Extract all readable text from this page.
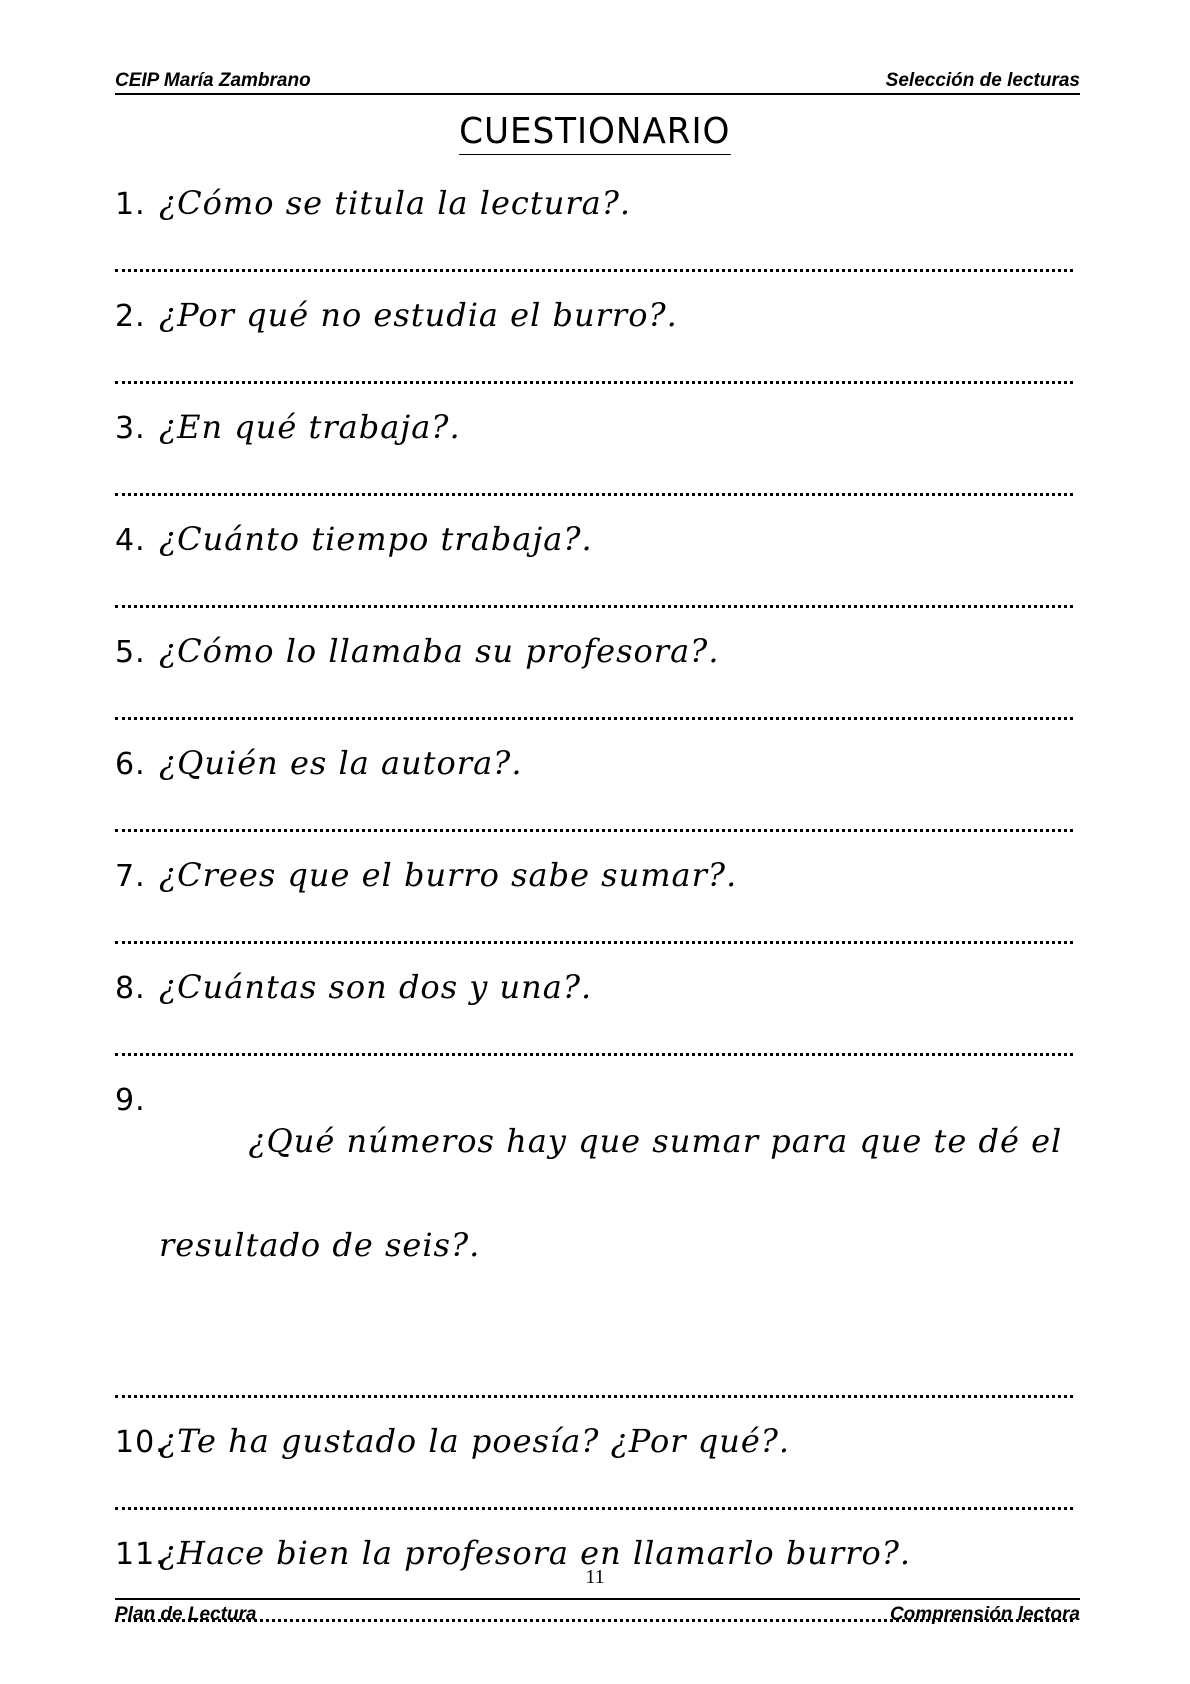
CEIP María Zambrano	Selección de lecturas
CUESTIONARIO
1. ¿Cómo se titula la lectura?.
2. ¿Por qué no estudia el burro?.
3. ¿En qué trabaja?.
4. ¿Cuánto tiempo trabaja?.
5. ¿Cómo lo llamaba su profesora?.
6. ¿Quién es la autora?.
7. ¿Crees que el burro sabe sumar?.
8. ¿Cuántas son dos y una?.
9.

¿Qué números hay que sumar para que te dé el

resultado de seis?.

10.
¿Te ha gustado la poesía? ¿Por qué?.
11.
¿Hace bien la profesora en llamarlo burro?.
11
Plan de Lectura	Comprensión lectora
